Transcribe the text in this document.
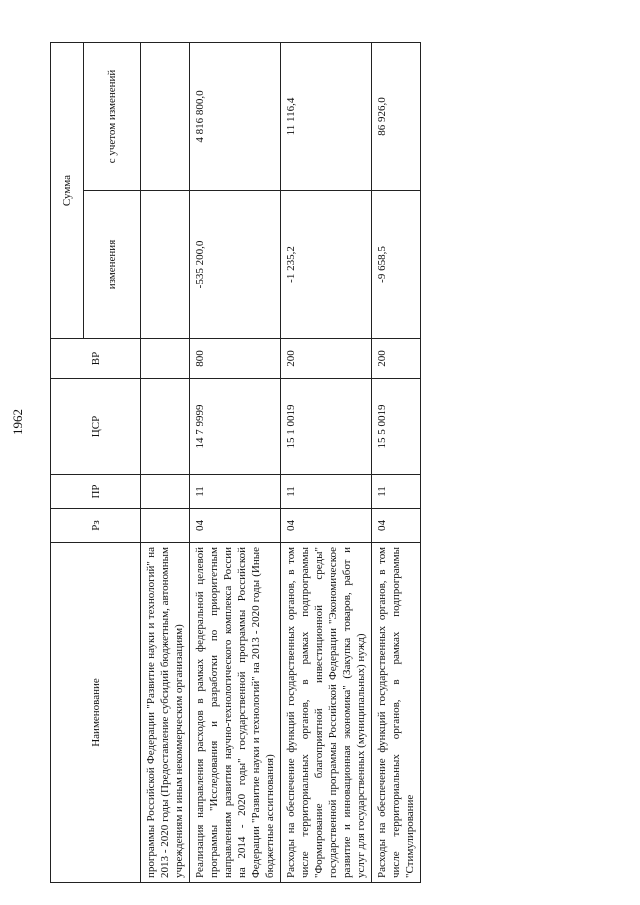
1962
Наименование	Рз	ПР	ЦСР	ВР	Сумма	
					изменения	с учетом изменений
программы Российской Федерации "Развитие науки и технологий" на 2013 - 2020 годы (Предоставление субсидий бюджетным, автономным учреждениям и иным некоммерческим организациям)						
Реализация направления расходов в рамках федеральной целевой программы "Исследования и разработки по приоритетным направлениям развития научно-технологического комплекса России на 2014 - 2020 годы" государственной программы Российской Федерации "Развитие науки и технологий" на 2013 - 2020 годы (Иные бюджетные ассигнования)	04	11	14 7 9999	800	-535 200,0	4 816 800,0
Расходы на обеспечение функций государственных органов, в том числе территориальных органов, в рамках подпрограммы "Формирование благоприятной инвестиционной среды" государственной программы Российской Федерации "Экономическое развитие и инновационная экономика" (Закупка товаров, работ и услуг для государственных (муниципальных) нужд)	04	11	15 1 0019	200	-1 235,2	11 116,4
Расходы на обеспечение функций государственных органов, в том числе территориальных органов, в рамках подпрограммы "Стимулирование	04	11	15 5 0019	200	-9 658,5	86 926,0
